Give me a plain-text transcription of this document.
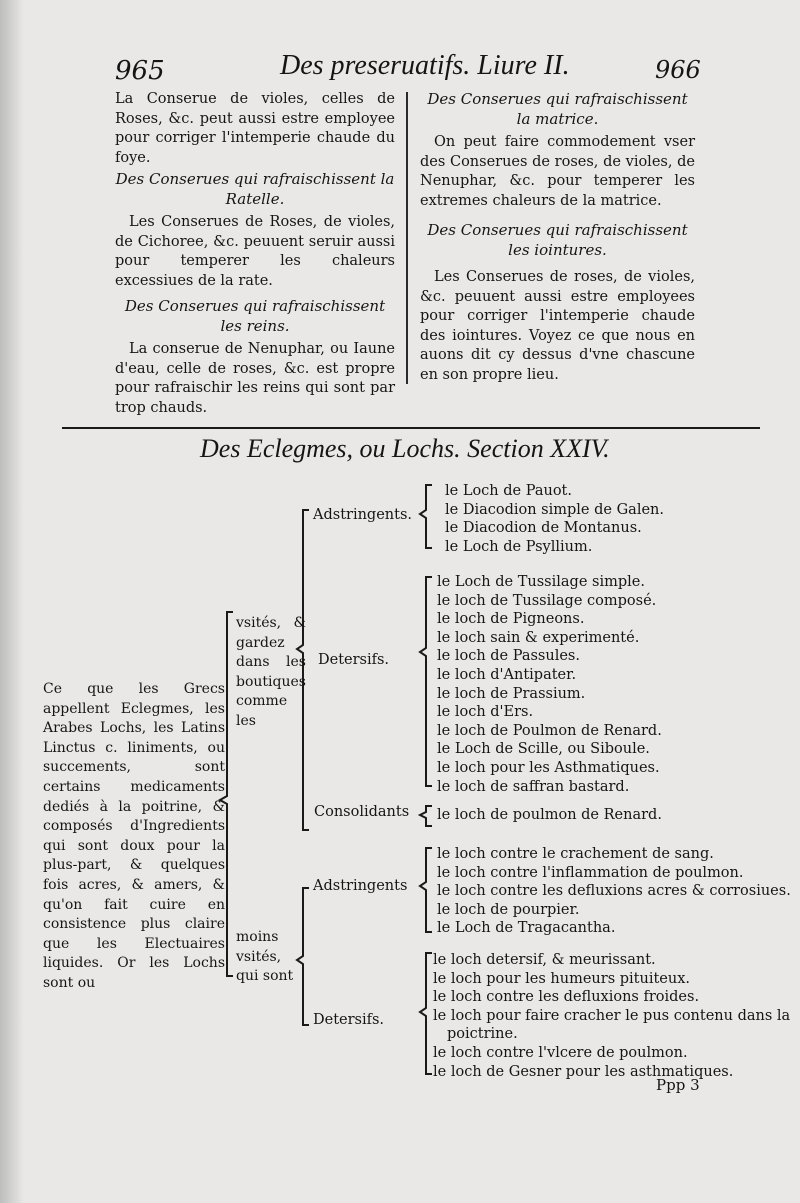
965	Des preseruatifs. Liure II.	966

La Conserue de violes, celles de Roses, &c. peut aussi estre employee pour corriger l'intemperie chaude du foye.

Des Conserues qui rafraischissent la Ratelle.

Les Conserues de Roses, de violes, de Cichoree, &c. peuuent seruir aussi pour temperer les chaleurs excessiues de la rate.

Des Conserues qui rafraischissent les reins.

La conserue de Nenuphar, ou Iaune d'eau, celle de roses, &c. est propre pour rafraischir les reins qui sont par trop chauds.

Des Conserues qui rafraischissent la matrice.

On peut faire commodement vser des Conserues de roses, de violes, de Nenuphar, &c. pour temperer les extremes chaleurs de la matrice.

Des Conserues qui rafraischissent les iointures.

Les Conserues de roses, de violes, &c. peuuent aussi estre employees pour corriger l'intemperie chaude des iointures. Voyez ce que nous en auons dit cy dessus d'vne chascune en son propre lieu.

Des Eclegmes, ou Lochs. Section XXIV.
Ce que les Grecs appellent Eclegmes, les Arabes Lochs, les Latins Linctus c. liniments, ou succements, sont certains medicaments dediés à la poitrine, & composés d'Ingredients qui sont doux pour la plus-part, & quelques fois acres, & amers, & qu'on fait cuire en consistence plus claire que les Electuaires liquides. Or les Lochs sont ou
vsités, & gardez dans les boutiques comme les
moins vsités, qui sont
Adstringents.
Detersifs.
Consolidants
Adstringents
Detersifs.
le Loch de Pauot.
le Diacodion simple de Galen.
le Diacodion de Montanus.
le Loch de Psyllium.
le Loch de Tussilage simple.
le loch de Tussilage composé.
le loch de Pigneons.
le loch sain & experimenté.
le loch de Passules.
le loch d'Antipater.
le loch de Prassium.
le loch d'Ers.
le loch de Poulmon de Renard.
le Loch de Scille, ou Siboule.
le loch pour les Asthmatiques.
le loch de saffran bastard.
le loch de poulmon de Renard.
le loch contre le crachement de sang.
le loch contre l'inflammation de poulmon.
le loch contre les defluxions acres & corrosiues.
le loch de pourpier.
le Loch de Tragacantha.
le loch detersif, & meurissant.
le loch pour les humeurs pituiteux.
le loch contre les defluxions froides.
le loch pour faire cracher le pus contenu dans la
poictrine.
le loch contre l'vlcere de poulmon.
le loch de Gesner pour les asthmatiques.
Ppp 3
